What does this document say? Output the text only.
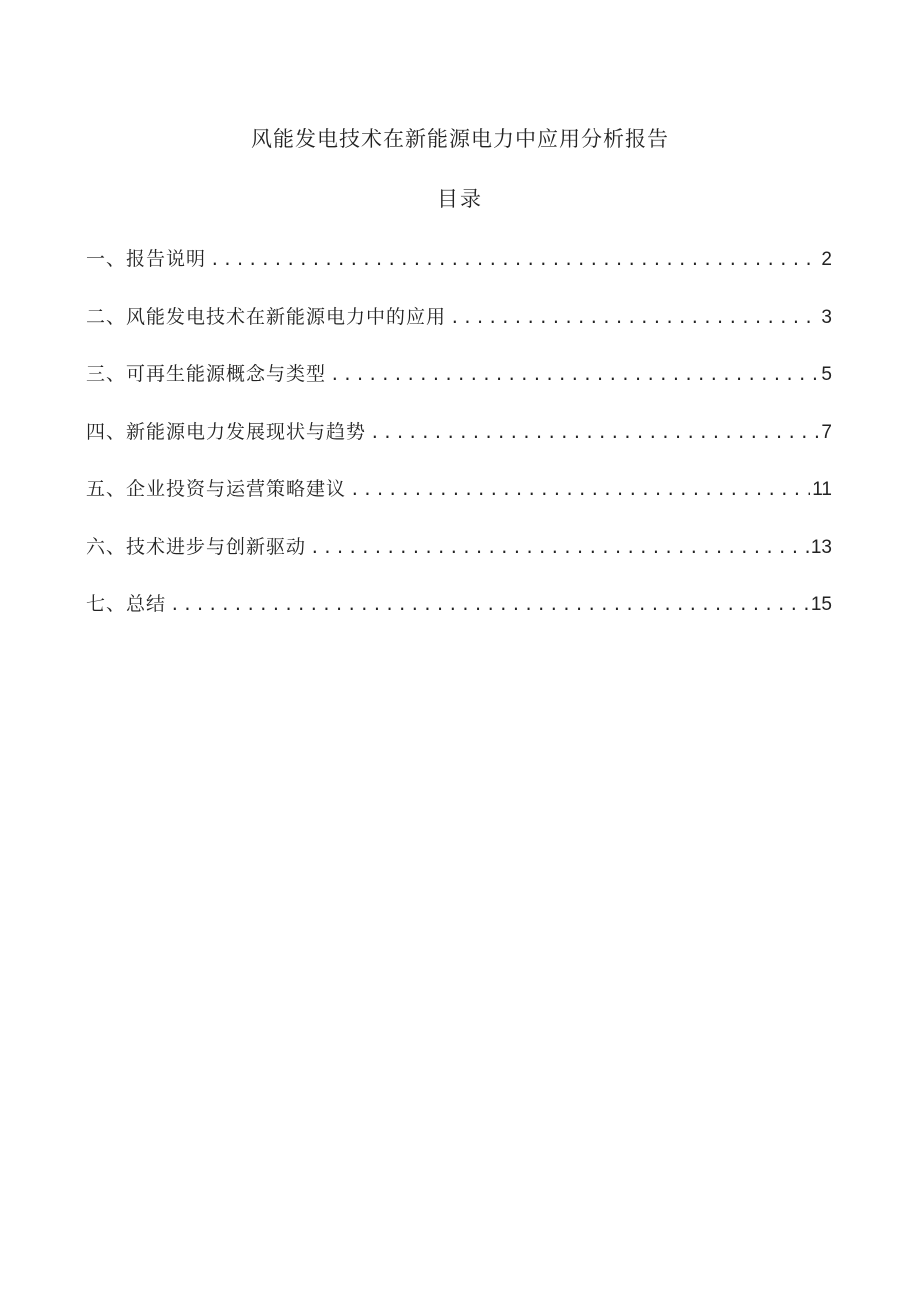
风能发电技术在新能源电力中应用分析报告
目录
一、报告说明 .....	2
二、风能发电技术在新能源电力中的应用 .....	3
三、可再生能源概念与类型 .....	5
四、新能源电力发展现状与趋势 .....	7
五、企业投资与运营策略建议 .....	11
六、技术进步与创新驱动 .....	13
七、总结 .....	15
